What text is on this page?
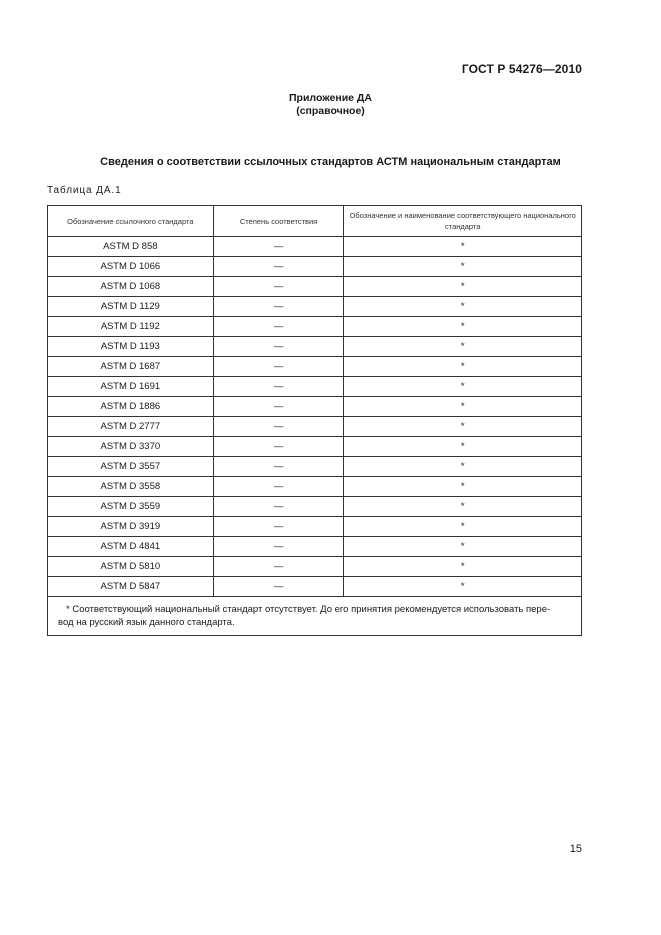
ГОСТ Р 54276—2010
Приложение ДА
(справочное)
Сведения о соответствии ссылочных стандартов АСТМ национальным стандартам
Таблица ДА.1
Обозначение ссылочного стандарта	Степень соответствия	Обозначение и наименование соответствующего национального стандарта
ASTM D 858	—	*
ASTM D 1066	—	*
ASTM D 1068	—	*
ASTM D 1129	—	*
ASTM D 1192	—	*
ASTM D 1193	—	*
ASTM D 1687	—	*
ASTM D 1691	—	*
ASTM D 1886	—	*
ASTM D 2777	—	*
ASTM D 3370	—	*
ASTM D 3557	—	*
ASTM D 3558	—	*
ASTM D 3559	—	*
ASTM D 3919	—	*
ASTM D 4841	—	*
ASTM D 5810	—	*
ASTM D 5847	—	*

* Соответствующий национальный стандарт отсутствует. До его принятия рекомендуется использовать пере-
вод на русский язык данного стандарта.		
15
